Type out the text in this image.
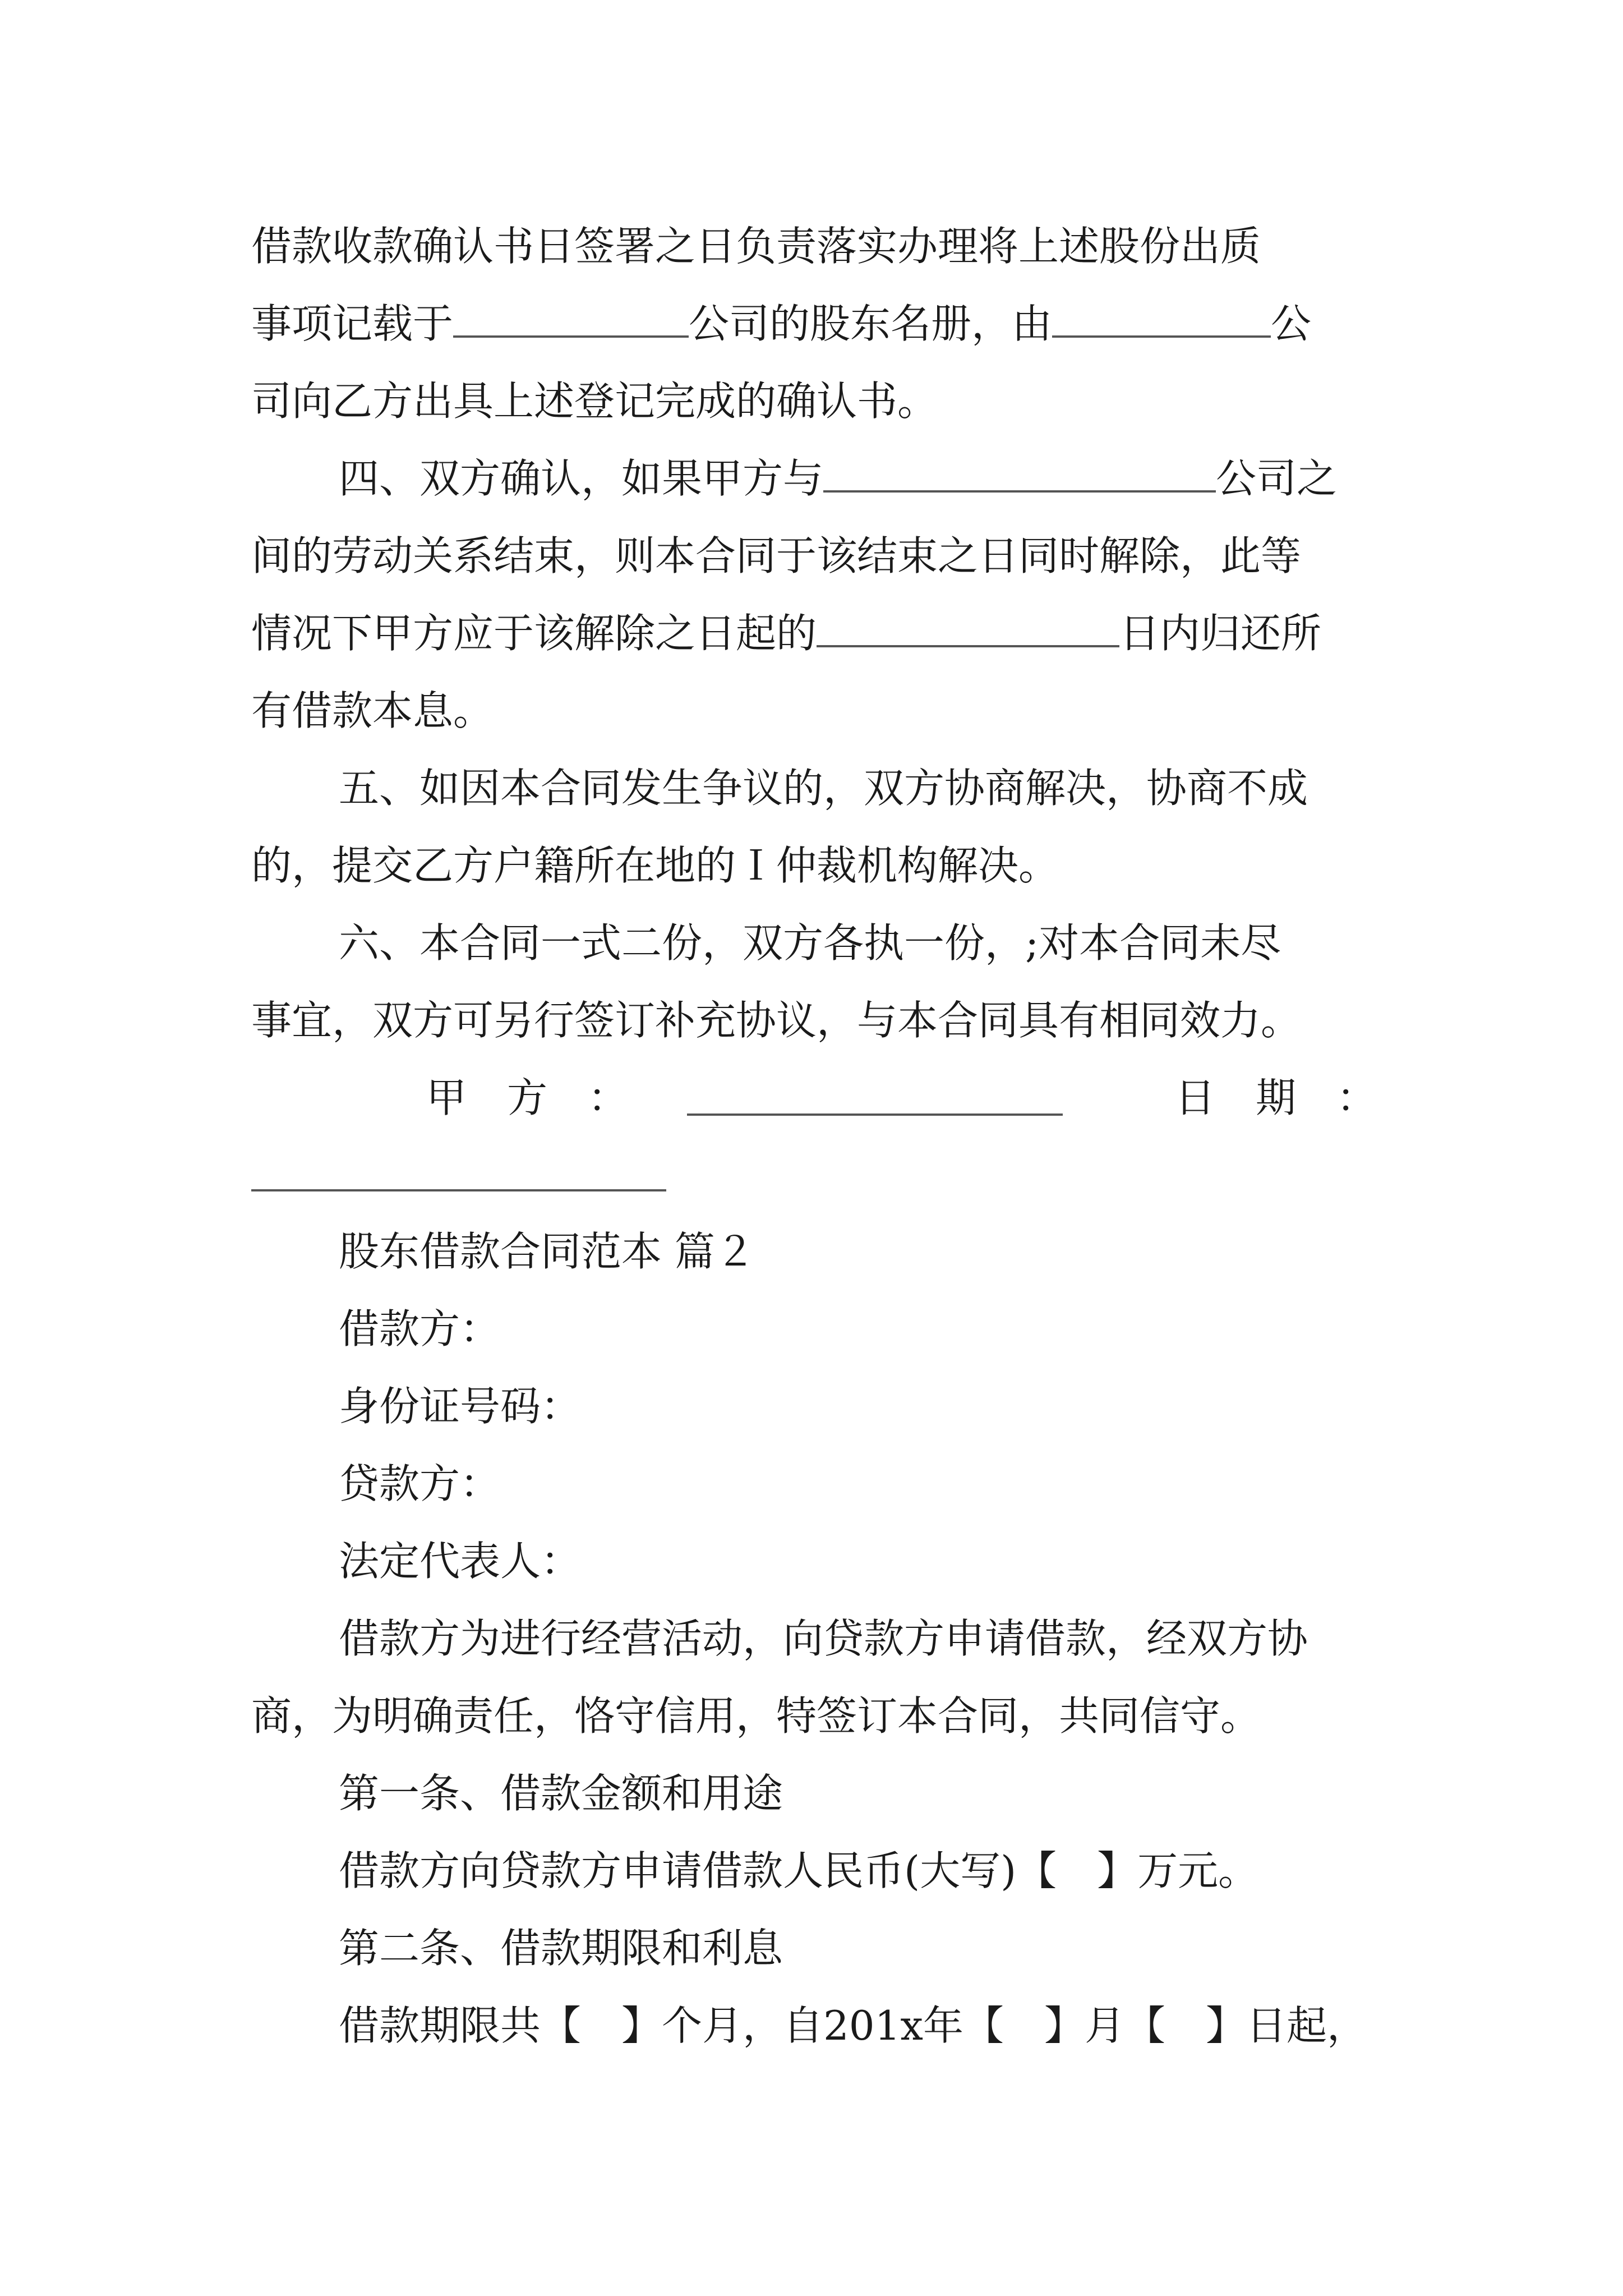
借款收款确认书日签署之日负责落实办理将上述股份出质
事项记载于	公司的股东名册，由	公
司向乙方出具上述登记完成的确认书。
四、双方确认，如果甲方与	公司之
间的劳动关系结束，则本合同于该结束之日同时解除，此等
情况下甲方应于该解除之日起的	日内归还所
有借款本息。
五、如因本合同发生争议的，双方协商解决，协商不成
的，提交乙方户籍所在地的Ｉ仲裁机构解决。
六、本合同一式二份，双方各执一份，;对本合同未尽
事宜，双方可另行签订补充协议，与本合同具有相同效力。
甲　方　：	日　期　：
股东借款合同范本 篇２
借款方：
身份证号码：
贷款方：
法定代表人：
借款方为进行经营活动，向贷款方申请借款，经双方协
商，为明确责任，恪守信用，特签订本合同，共同信守。
第一条、借款金额和用途
借款方向贷款方申请借款人民币(大写)【　】万元。
第二条、借款期限和利息
借款期限共【　】个月，自201x年【　】月【　】日起，
